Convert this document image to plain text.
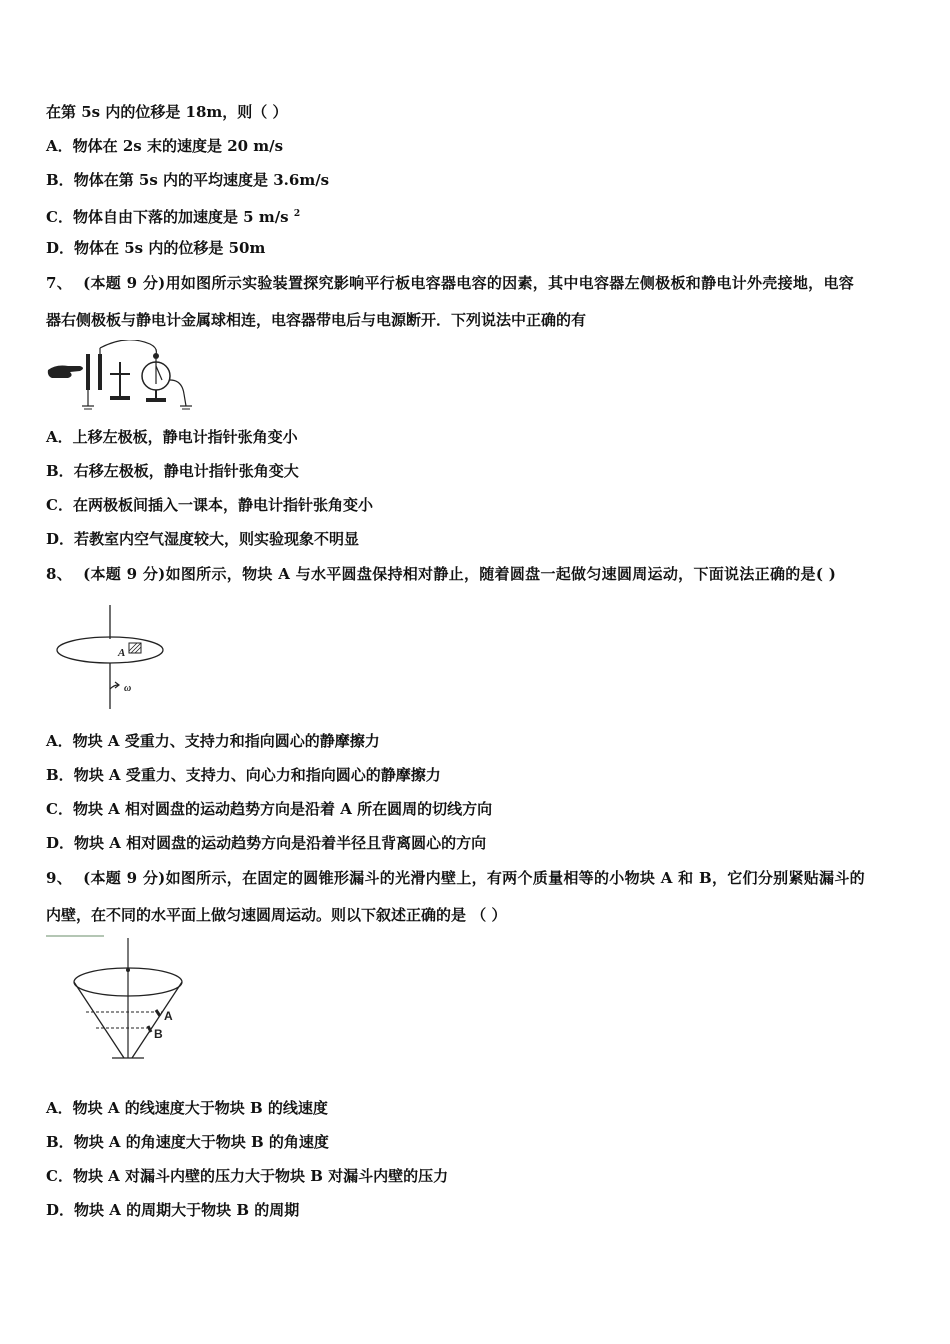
在第 5s 内的位移是 18m，则（ ）
A．物体在 2s 末的速度是 20 m/s
B．物体在第 5s 内的平均速度是 3.6m/s
C．物体自由下落的加速度是 5 m/s $^2$
D．物体在 5s 内的位移是 50m
7、 (本题 9 分)用如图所示实验装置探究影响平行板电容器电容的因素，其中电容器左侧极板和静电计外壳接地，电容
器右侧极板与静电计金属球相连，电容器带电后与电源断开．下列说法中正确的有
A．上移左极板，静电计指针张角变小
B．右移左极板，静电计指针张角变大
C．在两极板间插入一课本，静电计指针张角变小
D．若教室内空气湿度较大，则实验现象不明显
8、 (本题 9 分)如图所示，物块 A 与水平圆盘保持相对静止，随着圆盘一起做匀速圆周运动，下面说法正确的是( )
A
ω
A．物块 A 受重力、支持力和指向圆心的静摩擦力
B．物块 A 受重力、支持力、向心力和指向圆心的静摩擦力
C．物块 A 相对圆盘的运动趋势方向是沿着 A 所在圆周的切线方向
D．物块 A 相对圆盘的运动趋势方向是沿着半径且背离圆心的方向
9、 (本题 9 分)如图所示，在固定的圆锥形漏斗的光滑内壁上，有两个质量相等的小物块 A 和 B，它们分别紧贴漏斗的
内壁，在不同的水平面上做匀速圆周运动。则以下叙述正确的是 （ ）
A
B
A．物块 A 的线速度大于物块 B 的线速度
B．物块 A 的角速度大于物块 B 的角速度
C．物块 A 对漏斗内壁的压力大于物块 B 对漏斗内壁的压力
D．物块 A 的周期大于物块 B 的周期
